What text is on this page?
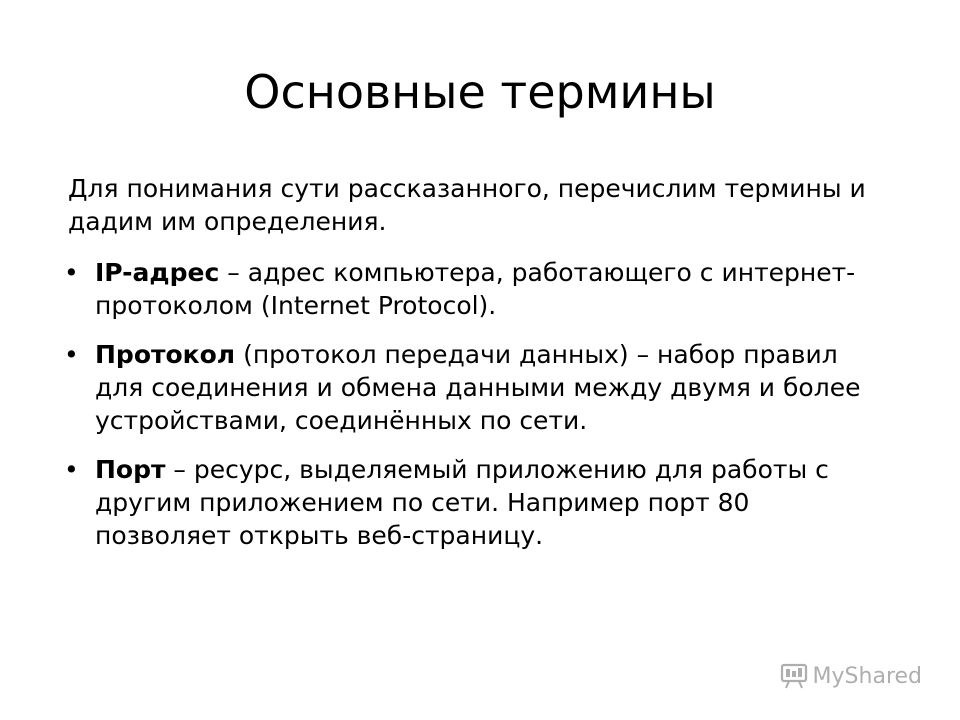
Основные термины

Для понимания сути рассказанного, перечислим термины и дадим им определения.

• IP-адрес – адрес компьютера, работающего с интернет-протоколом (Internet Protocol).
• Протокол (протокол передачи данных) – набор правил для соединения и обмена данными между двумя и более устройствами, соединённых по сети.
• Порт – ресурс, выделяемый приложению для работы с другим приложением по сети. Например порт 80 позволяет открыть веб-страницу.
MyShared
